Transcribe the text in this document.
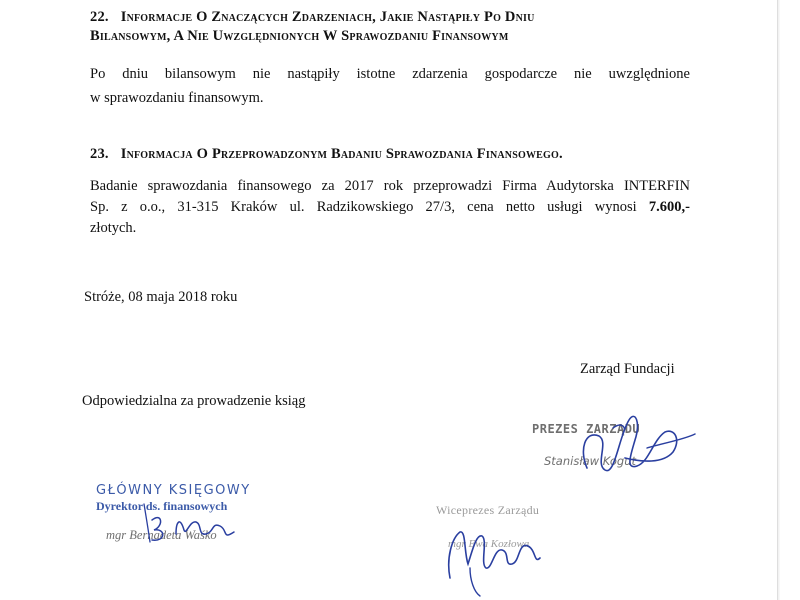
22. Informacje O Znaczących Zdarzeniach, Jakie Nastąpiły Po Dniu
Bilansowym, A Nie Uwzględnionych W Sprawozdaniu Finansowym
Po dniu bilansowym nie nastąpiły istotne zdarzenia gospodarcze nie uwzględnione
w sprawozdaniu finansowym.
23. Informacja O Przeprowadzonym Badaniu Sprawozdania Finansowego.
Badanie sprawozdania finansowego za 2017 rok przeprowadzi Firma Audytorska INTERFIN
Sp. z o.o., 31-315 Kraków ul. Radzikowskiego 27/3, cena netto usługi wynosi 7.600,-
złotych.

Stróże, 08 maja 2018 roku

Zarząd Fundacji

Odpowiedzialna za prowadzenie ksiąg

PREZES ZARZĄDU
Stanisław Kogut
GŁÓWNY KSIĘGOWY
Dyrektor ds. finansowych
mgr Bernadeta Waśko
Wiceprezes Zarządu
mgr Ewa Kozłowa
